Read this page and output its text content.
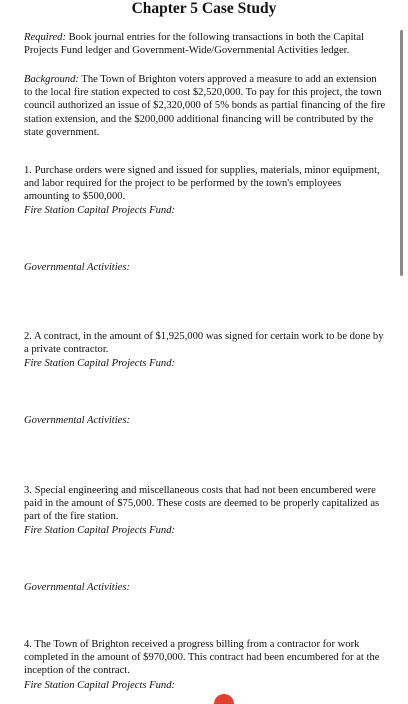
Chapter 5 Case Study

Required: Book journal entries for the following transactions in both the Capital Projects Fund ledger and Government-Wide/Governmental Activities ledger.

Background: The Town of Brighton voters approved a measure to add an extension to the local fire station expected to cost $2,520,000. To pay for this project, the town council authorized an issue of $2,320,000 of 5% bonds as partial financing of the fire station extension, and the $200,000 additional financing will be contributed by the state government.

1. Purchase orders were signed and issued for supplies, materials, minor equipment, and labor required for the project to be performed by the town's employees amounting to $500,000.

Fire Station Capital Projects Fund:

Governmental Activities:

2. A contract, in the amount of $1,925,000 was signed for certain work to be done by a private contractor.

Fire Station Capital Projects Fund:

Governmental Activities:

3. Special engineering and miscellaneous costs that had not been encumbered were paid in the amount of $75,000. These costs are deemed to be properly capitalized as part of the fire station.

Fire Station Capital Projects Fund:

Governmental Activities:

4. The Town of Brighton received a progress billing from a contractor for work completed in the amount of $970,000. This contract had been encumbered for at the inception of the contract.

Fire Station Capital Projects Fund:
